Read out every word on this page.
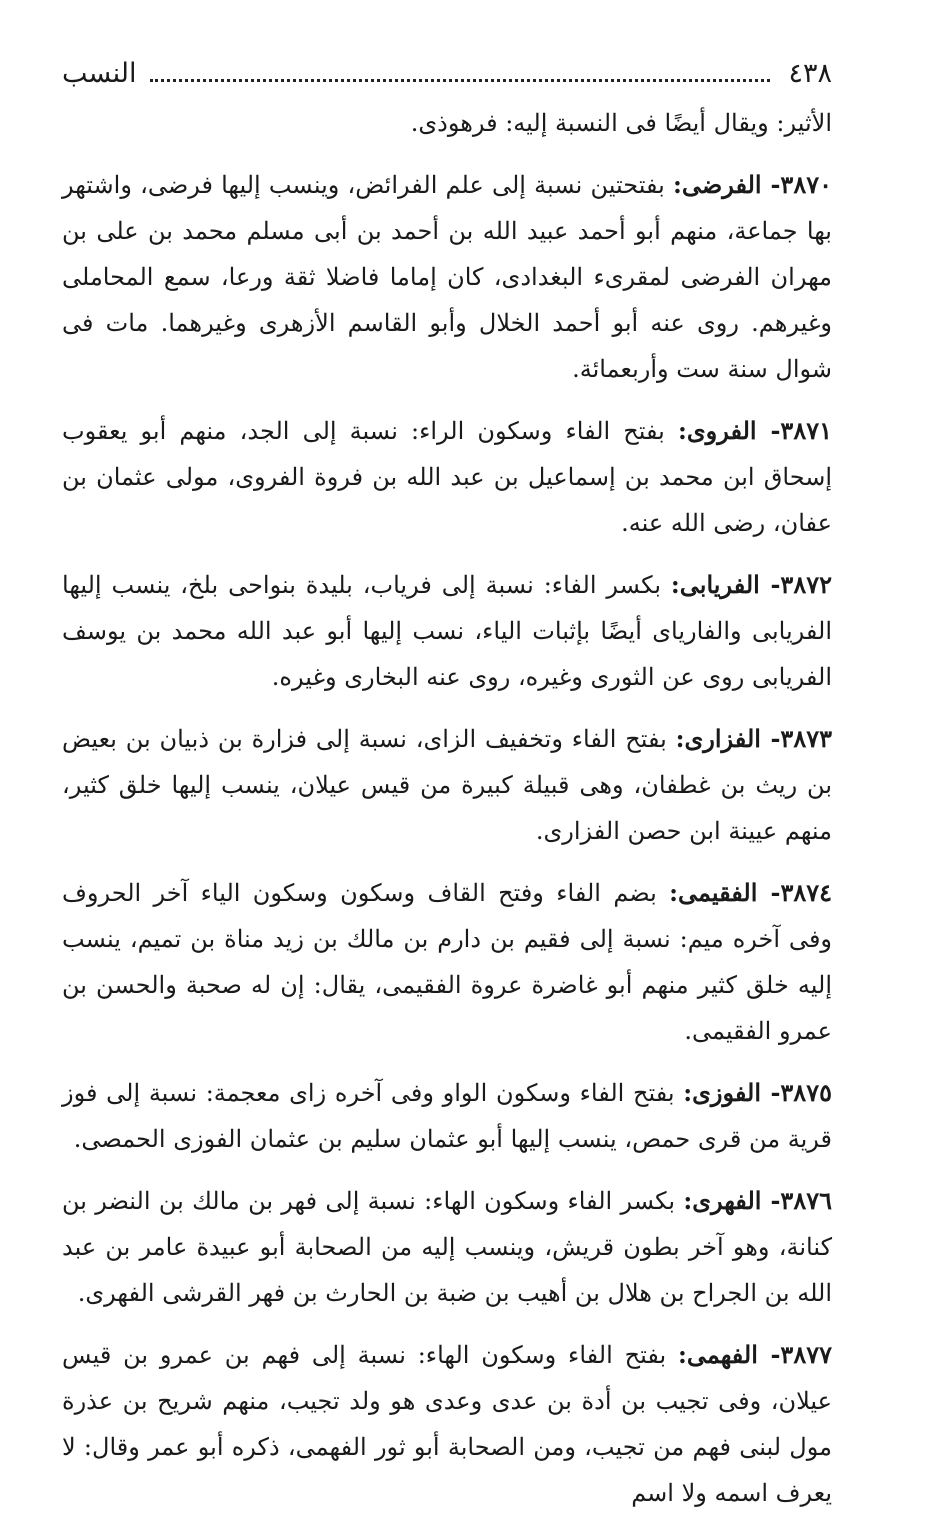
٤٣٨
النسب

الأثير: ويقال أيضًا فى النسبة إليه: فرهوذى.

٣٨٧٠- الفرضى: بفتحتين نسبة إلى علم الفرائض، وينسب إليها فرضى، واشتهر بها جماعة، منهم أبو أحمد عبيد الله بن أحمد بن أبى مسلم محمد بن على بن مهران الفرضى لمقرىء البغدادى، كان إماما فاضلا ثقة ورعا، سمع المحاملى وغيرهم. روى عنه أبو أحمد الخلال وأبو القاسم الأزهرى وغيرهما. مات فى شوال سنة ست وأربعمائة.

٣٨٧١- الفروى: بفتح الفاء وسكون الراء: نسبة إلى الجد، منهم أبو يعقوب إسحاق ابن محمد بن إسماعيل بن عبد الله بن فروة الفروى، مولى عثمان بن عفان، رضى الله عنه.

٣٨٧٢- الفريابى: بكسر الفاء: نسبة إلى فرياب، بليدة بنواحى بلخ، ينسب إليها الفريابى والفارياى أيضًا بإثبات الياء، نسب إليها أبو عبد الله محمد بن يوسف الفريابى روى عن الثورى وغيره، روى عنه البخارى وغيره.

٣٨٧٣- الفزارى: بفتح الفاء وتخفيف الزاى، نسبة إلى فزارة بن ذبيان بن بعيض بن ريث بن غطفان، وهى قبيلة كبيرة من قيس عيلان، ينسب إليها خلق كثير، منهم عيينة ابن حصن الفزارى.

٣٨٧٤- الفقيمى: بضم الفاء وفتح القاف وسكون وسكون الياء آخر الحروف وفى آخره ميم: نسبة إلى فقيم بن دارم بن مالك بن زيد مناة بن تميم، ينسب إليه خلق كثير منهم أبو غاضرة عروة الفقيمى، يقال: إن له صحبة والحسن بن عمرو الفقيمى.

٣٨٧٥- الفوزى: بفتح الفاء وسكون الواو وفى آخره زاى معجمة: نسبة إلى فوز قرية من قرى حمص، ينسب إليها أبو عثمان سليم بن عثمان الفوزى الحمصى.

٣٨٧٦- الفهرى: بكسر الفاء وسكون الهاء: نسبة إلى فهر بن مالك بن النضر بن كنانة، وهو آخر بطون قريش، وينسب إليه من الصحابة أبو عبيدة عامر بن عبد الله بن الجراح بن هلال بن أهيب بن ضبة بن الحارث بن فهر القرشى الفهرى.

٣٨٧٧- الفهمى: بفتح الفاء وسكون الهاء: نسبة إلى فهم بن عمرو بن قيس عيلان، وفى تجيب بن أدة بن عدى وعدى هو ولد تجيب، منهم شريح بن عذرة مول لبنى فهم من تجيب، ومن الصحابة أبو ثور الفهمى، ذكره أبو عمر وقال: لا يعرف اسمه ولا اسم
